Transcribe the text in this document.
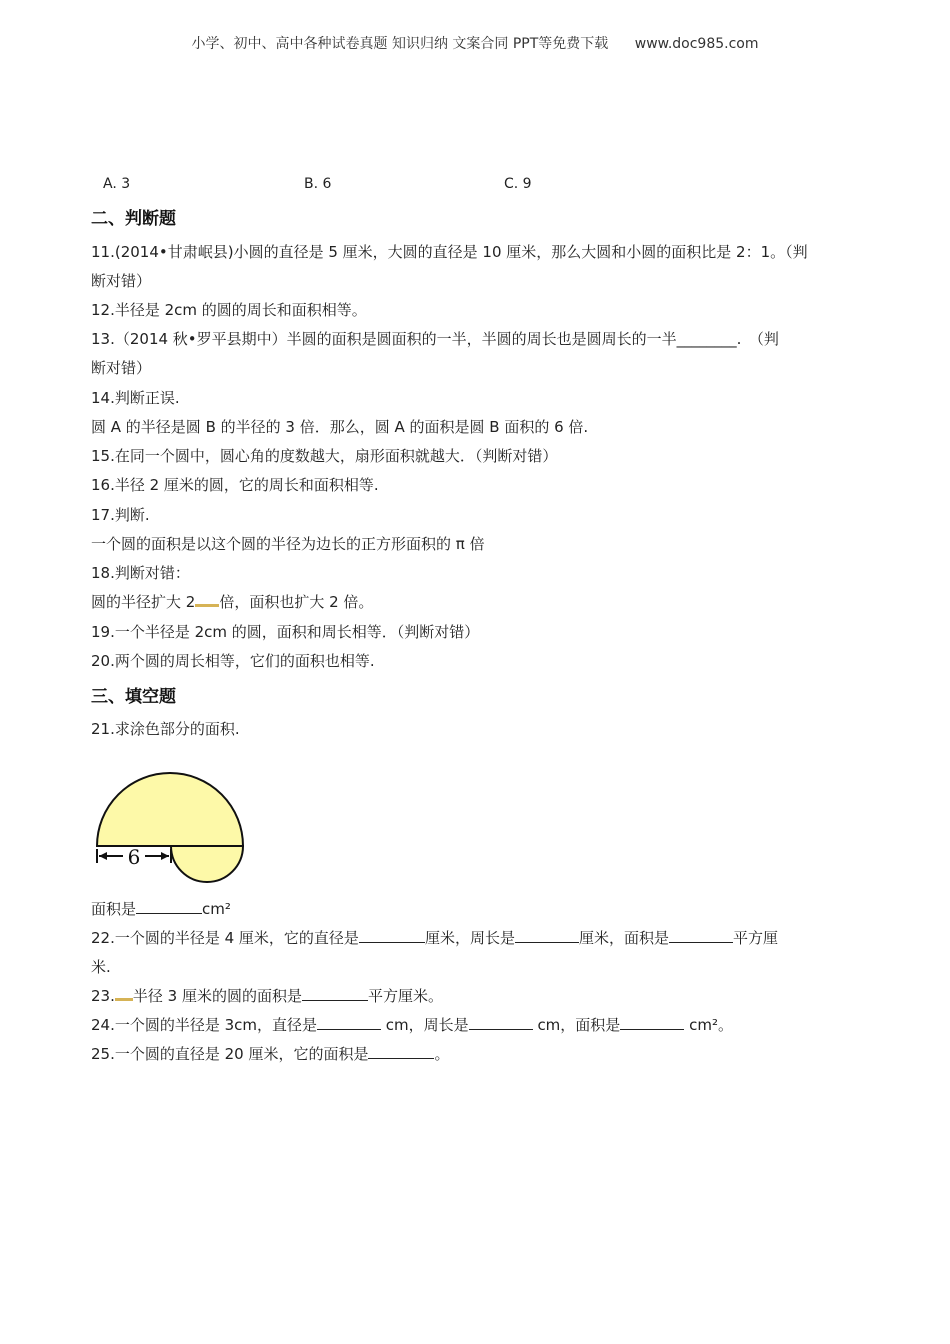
小学、初中、高中各种试卷真题 知识归纳 文案合同 PPT等免费下载 www.doc985.com
A. 3	B. 6	C. 9
二、判断题
11.(2014•甘肃岷县)小圆的直径是 5 厘米，大圆的直径是 10 厘米，那么大圆和小圆的面积比是 2：1。（判
断对错）
12.半径是 2cm 的圆的周长和面积相等。
13.（2014 秋•罗平县期中）半圆的面积是圆面积的一半，半圆的周长也是圆周长的一半________.　（判
断对错）
14.判断正误.
圆 A 的半径是圆 B 的半径的 3 倍．那么，圆 A 的面积是圆 B 面积的 6 倍.
15.在同一个圆中，圆心角的度数越大，扇形面积就越大．（判断对错）
16.半径 2 厘米的圆，它的周长和面积相等.
17.判断.
一个圆的面积是以这个圆的半径为边长的正方形面积的 π 倍
18.判断对错：
圆的半径扩大 2 倍，面积也扩大 2 倍。
19.一个半径是 2cm 的圆，面积和周长相等．（判断对错）
20.两个圆的周长相等，它们的面积也相等.
三、填空题
21.求涂色部分的面积.
6
面积是	cm²
22.一个圆的半径是 4 厘米，它的直径是	厘米，周长是	厘米，面积是	平方厘
米.
23. 半径 3 厘米的圆的面积是	平方厘米。
24.一个圆的半径是 3cm，直径是	cm，周长是	cm，面积是	cm²。
25.一个圆的直径是 20 厘米，它的面积是	。
